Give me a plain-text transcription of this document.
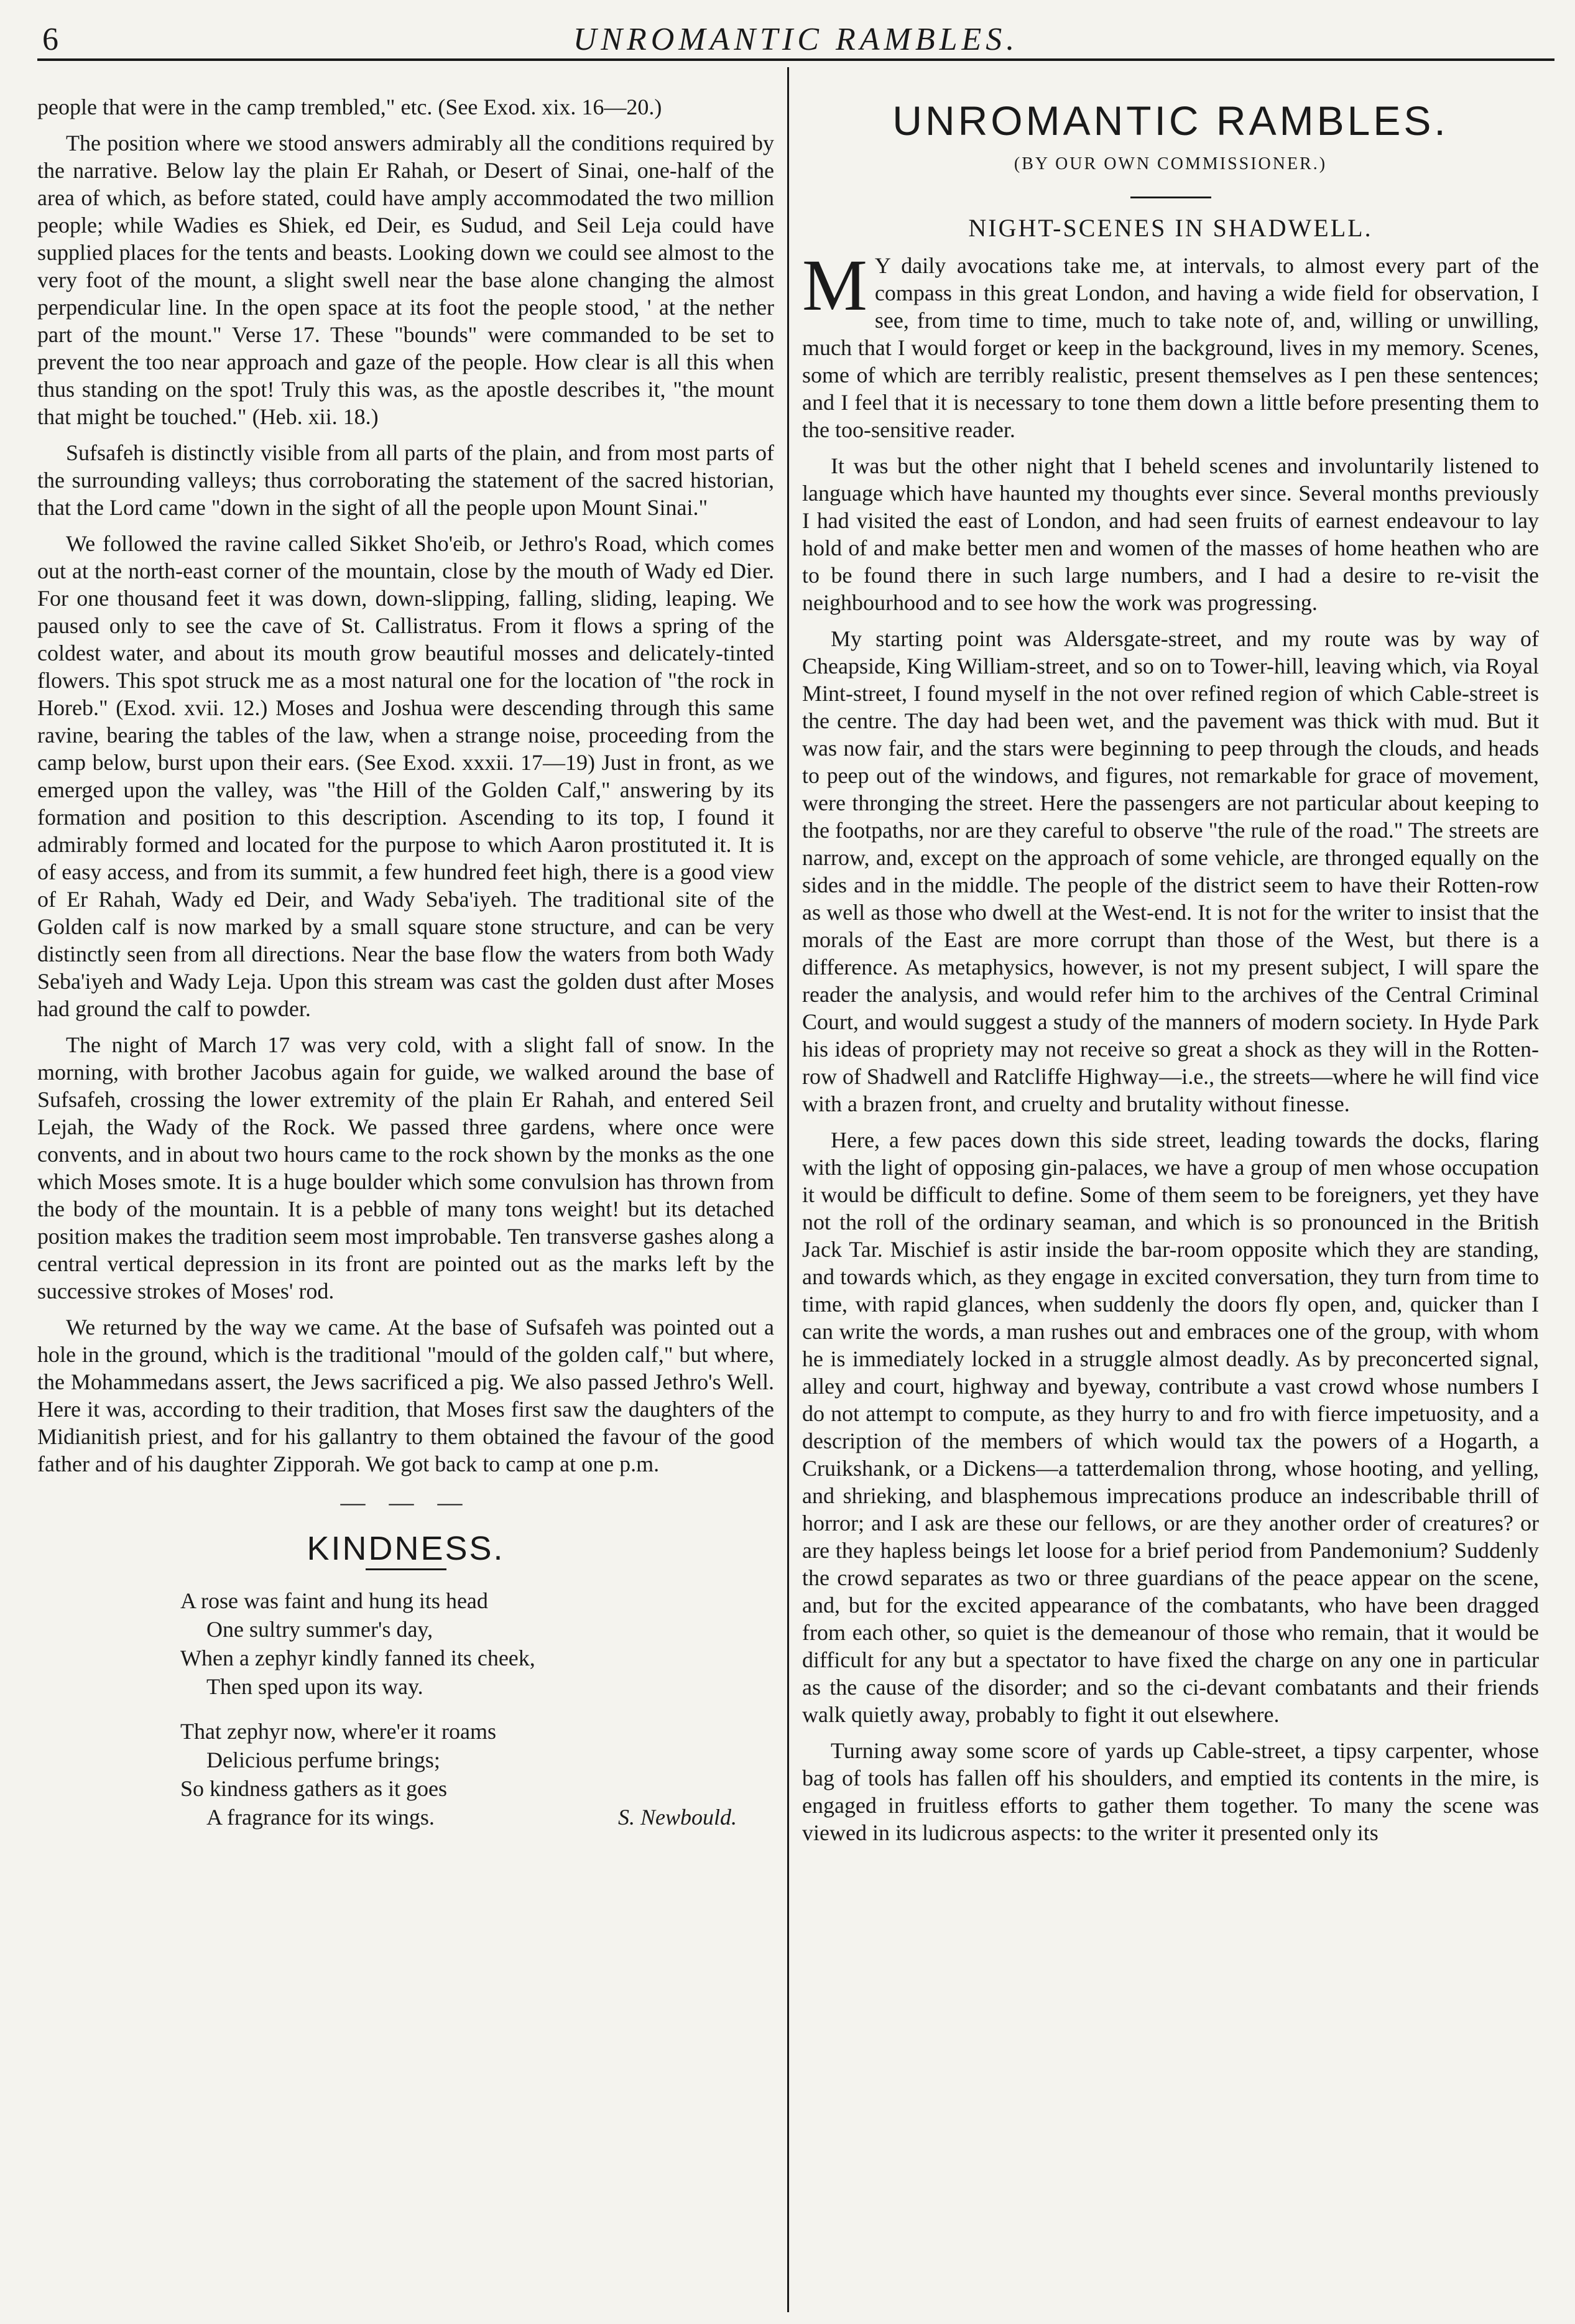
6	UNROMANTIC RAMBLES.

people that were in the camp trembled," etc. (See Exod. xix. 16—20.)

The position where we stood answers admirably all the conditions required by the narrative. Below lay the plain Er Rahah, or Desert of Sinai, one-half of the area of which, as before stated, could have amply accommodated the two million people; while Wadies es Shiek, ed Deir, es Sudud, and Seil Leja could have supplied places for the tents and beasts. Looking down we could see almost to the very foot of the mount, a slight swell near the base alone changing the almost perpendicular line. In the open space at its foot the people stood, ' at the nether part of the mount." Verse 17. These "bounds" were commanded to be set to prevent the too near approach and gaze of the people. How clear is all this when thus standing on the spot! Truly this was, as the apostle describes it, "the mount that might be touched." (Heb. xii. 18.)

Sufsafeh is distinctly visible from all parts of the plain, and from most parts of the surrounding valleys; thus corroborating the statement of the sacred historian, that the Lord came "down in the sight of all the people upon Mount Sinai."

We followed the ravine called Sikket Sho'eib, or Jethro's Road, which comes out at the north-east corner of the mountain, close by the mouth of Wady ed Dier. For one thousand feet it was down, down-slipping, falling, sliding, leaping. We paused only to see the cave of St. Callistratus. From it flows a spring of the coldest water, and about its mouth grow beautiful mosses and delicately-tinted flowers. This spot struck me as a most natural one for the location of "the rock in Horeb." (Exod. xvii. 12.) Moses and Joshua were descending through this same ravine, bearing the tables of the law, when a strange noise, proceeding from the camp below, burst upon their ears. (See Exod. xxxii. 17—19) Just in front, as we emerged upon the valley, was "the Hill of the Golden Calf," answering by its formation and position to this description. Ascending to its top, I found it admirably formed and located for the purpose to which Aaron prostituted it. It is of easy access, and from its summit, a few hundred feet high, there is a good view of Er Rahah, Wady ed Deir, and Wady Seba'iyeh. The traditional site of the Golden calf is now marked by a small square stone structure, and can be very distinctly seen from all directions. Near the base flow the waters from both Wady Seba'iyeh and Wady Leja. Upon this stream was cast the golden dust after Moses had ground the calf to powder.

The night of March 17 was very cold, with a slight fall of snow. In the morning, with brother Jacobus again for guide, we walked around the base of Sufsafeh, crossing the lower extremity of the plain Er Rahah, and entered Seil Lejah, the Wady of the Rock. We passed three gardens, where once were convents, and in about two hours came to the rock shown by the monks as the one which Moses smote. It is a huge boulder which some convulsion has thrown from the body of the mountain. It is a pebble of many tons weight! but its detached position makes the tradition seem most improbable. Ten transverse gashes along a central vertical depression in its front are pointed out as the marks left by the successive strokes of Moses' rod.

We returned by the way we came. At the base of Sufsafeh was pointed out a hole in the ground, which is the traditional "mould of the golden calf," but where, the Mohammedans assert, the Jews sacrificed a pig. We also passed Jethro's Well. Here it was, according to their tradition, that Moses first saw the daughters of the Midianitish priest, and for his gallantry to them obtained the favour of the good father and of his daughter Zipporah. We got back to camp at one p.m.

— — —
KINDNESS.
A rose was faint and hung its head
One sultry summer's day,
When a zephyr kindly fanned its cheek,
Then sped upon its way.
That zephyr now, where'er it roams
Delicious perfume brings;
So kindness gathers as it goes
A fragrance for its wings.	S. Newbould.
UNROMANTIC RAMBLES.
(BY OUR OWN COMMISSIONER.)
NIGHT-SCENES IN SHADWELL.

M Y daily avocations take me, at intervals, to almost every part of the compass in this great London, and having a wide field for observation, I see, from time to time, much to take note of, and, willing or unwilling, much that I would forget or keep in the background, lives in my memory. Scenes, some of which are terribly realistic, present themselves as I pen these sentences; and I feel that it is necessary to tone them down a little before presenting them to the too-sensitive reader.

It was but the other night that I beheld scenes and involuntarily listened to language which have haunted my thoughts ever since. Several months previously I had visited the east of London, and had seen fruits of earnest endeavour to lay hold of and make better men and women of the masses of home heathen who are to be found there in such large numbers, and I had a desire to re-visit the neighbourhood and to see how the work was progressing.

My starting point was Aldersgate-street, and my route was by way of Cheapside, King William-street, and so on to Tower-hill, leaving which, via Royal Mint-street, I found myself in the not over refined region of which Cable-street is the centre. The day had been wet, and the pavement was thick with mud. But it was now fair, and the stars were beginning to peep through the clouds, and heads to peep out of the windows, and figures, not remarkable for grace of movement, were thronging the street. Here the passengers are not particular about keeping to the footpaths, nor are they careful to observe "the rule of the road." The streets are narrow, and, except on the approach of some vehicle, are thronged equally on the sides and in the middle. The people of the district seem to have their Rotten-row as well as those who dwell at the West-end. It is not for the writer to insist that the morals of the East are more corrupt than those of the West, but there is a difference. As metaphysics, however, is not my present subject, I will spare the reader the analysis, and would refer him to the archives of the Central Criminal Court, and would suggest a study of the manners of modern society. In Hyde Park his ideas of propriety may not receive so great a shock as they will in the Rotten-row of Shadwell and Ratcliffe Highway—i.e., the streets—where he will find vice with a brazen front, and cruelty and brutality without finesse.

Here, a few paces down this side street, leading towards the docks, flaring with the light of opposing gin-palaces, we have a group of men whose occupation it would be difficult to define. Some of them seem to be foreigners, yet they have not the roll of the ordinary seaman, and which is so pronounced in the British Jack Tar. Mischief is astir inside the bar-room opposite which they are standing, and towards which, as they engage in excited conversation, they turn from time to time, with rapid glances, when suddenly the doors fly open, and, quicker than I can write the words, a man rushes out and embraces one of the group, with whom he is immediately locked in a struggle almost deadly. As by preconcerted signal, alley and court, highway and byeway, contribute a vast crowd whose numbers I do not attempt to compute, as they hurry to and fro with fierce impetuosity, and a description of the members of which would tax the powers of a Hogarth, a Cruikshank, or a Dickens—a tatterdemalion throng, whose hooting, and yelling, and shrieking, and blasphemous imprecations produce an indescribable thrill of horror; and I ask are these our fellows, or are they another order of creatures? or are they hapless beings let loose for a brief period from Pandemonium? Suddenly the crowd separates as two or three guardians of the peace appear on the scene, and, but for the excited appearance of the combatants, who have been dragged from each other, so quiet is the demeanour of those who remain, that it would be difficult for any but a spectator to have fixed the charge on any one in particular as the cause of the disorder; and so the ci-devant combatants and their friends walk quietly away, probably to fight it out elsewhere.

Turning away some score of yards up Cable-street, a tipsy carpenter, whose bag of tools has fallen off his shoulders, and emptied its contents in the mire, is engaged in fruitless efforts to gather them together. To many the scene was viewed in its ludicrous aspects: to the writer it presented only its
